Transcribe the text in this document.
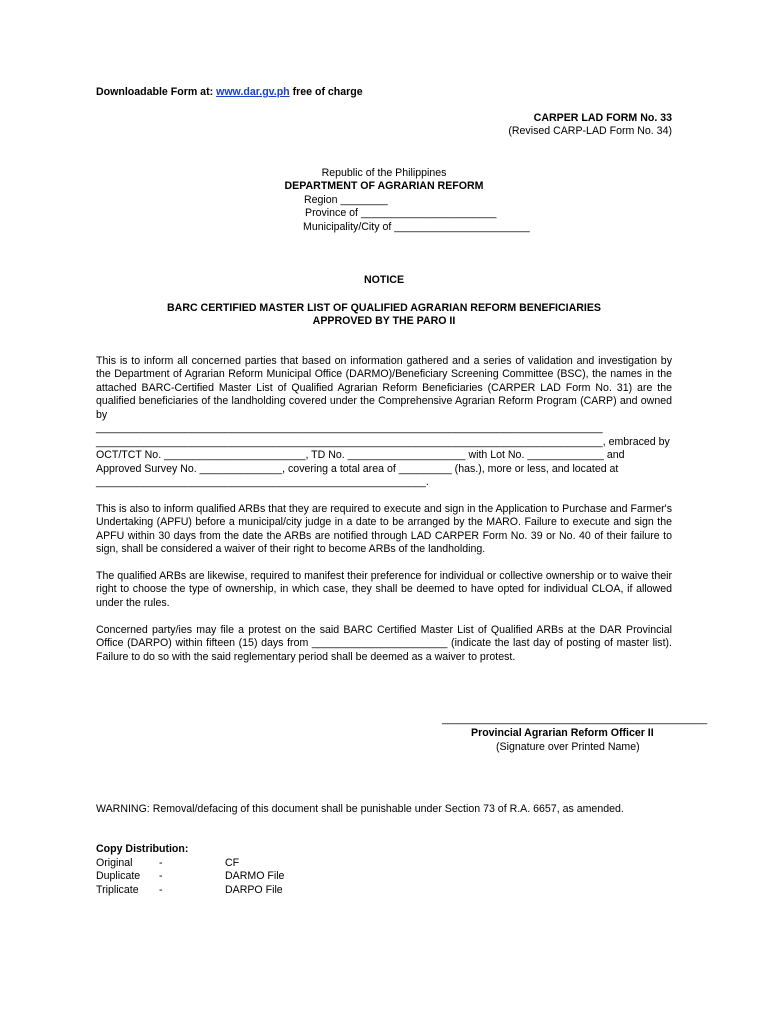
Downloadable Form at: www.dar.gv.ph free of charge
CARPER LAD FORM No. 33
(Revised CARP-LAD Form No. 34)
Republic of the Philippines
DEPARTMENT OF AGRARIAN REFORM
Region ________
Province of _______________________
Municipality/City of _______________________
NOTICE
BARC CERTIFIED MASTER LIST OF QUALIFIED AGRARIAN REFORM BENEFICIARIES
APPROVED BY THE PARO II
This is to inform all concerned parties that based on information gathered and a series of validation and investigation by the Department of Agrarian Reform Municipal Office (DARMO)/Beneficiary Screening Committee (BSC), the names in the attached BARC-Certified Master List of Qualified Agrarian Reform Beneficiaries (CARPER LAD Form No. 31) are the qualified beneficiaries of the landholding covered under the Comprehensive Agrarian Reform Program (CARP) and owned by
______________________________________________________________________________________
______________________________________________________________________________________, embraced by
OCT/TCT No. ________________________, TD No. ____________________ with Lot No. _____________ and
Approved Survey No. ______________, covering a total area of _________ (has.), more or less, and located at
________________________________________________________.
This is also to inform qualified ARBs that they are required to execute and sign in the Application to Purchase and Farmer's Undertaking (APFU) before a municipal/city judge in a date to be arranged by the MARO. Failure to execute and sign the APFU within 30 days from the date the ARBs are notified through LAD CARPER Form No. 39 or No. 40 of their failure to sign, shall be considered a waiver of their right to become ARBs of the landholding.
The qualified ARBs are likewise, required to manifest their preference for individual or collective ownership or to waive their right to choose the type of ownership, in which case, they shall be deemed to have opted for individual CLOA, if allowed under the rules.
Concerned party/ies may file a protest on the said BARC Certified Master List of Qualified ARBs at the DAR Provincial Office (DARPO) within fifteen (15) days from _______________________ (indicate the last day of posting of master list). Failure to do so with the said reglementary period shall be deemed as a waiver to protest.
_____________________________________________
Provincial Agrarian Reform Officer II
(Signature over Printed Name)
WARNING: Removal/defacing of this document shall be punishable under Section 73 of R.A. 6657, as amended.
Copy Distribution:
Original	-	CF
Duplicate	-	DARMO File
Triplicate	-	DARPO File
